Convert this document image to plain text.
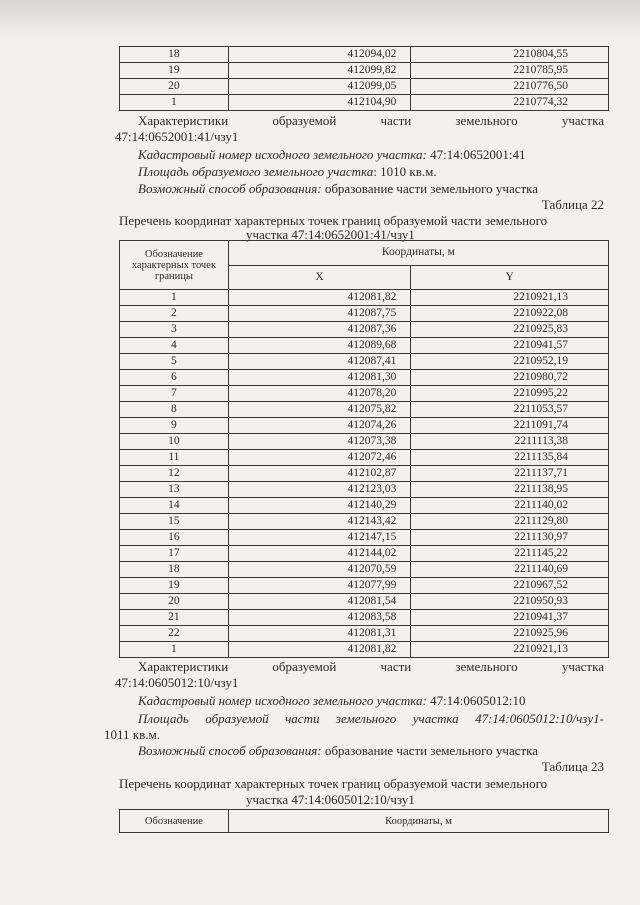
18	412094,02	2210804,55
19	412099,82	2210785,95
20	412099,05	2210776,50
1	412104,90	2210774,32
Характеристики	образуемой	части	земельного	участка
47:14:0652001:41/чзу1
Кадастровый номер исходного земельного участка: 47:14:0652001:41
Площадь образуемого земельного участка: 1010 кв.м.
Возможный способ образования: образование части земельного участка
Таблица 22
Перечень координат характерных точек границ образуемой части земельного
участка 47:14:0652001:41/чзу1
Обозначение характерных точек границы	Координаты, м	
	X	Y
1	412081,82	2210921,13
2	412087,75	2210922,08
3	412087,36	2210925,83
4	412089,68	2210941,57
5	412087,41	2210952,19
6	412081,30	2210980,72
7	412078,20	2210995,22
8	412075,82	2211053,57
9	412074,26	2211091,74
10	412073,38	2211113,38
11	412072,46	2211135,84
12	412102,87	2211137,71
13	412123,03	2211138,95
14	412140,29	2211140,02
15	412143,42	2211129,80
16	412147,15	2211130,97
17	412144,02	2211145,22
18	412070,59	2211140,69
19	412077,99	2210967,52
20	412081,54	2210950,93
21	412083,58	2210941,37
22	412081,31	2210925,96
1	412081,82	2210921,13
Характеристики	образуемой	части	земельного	участка
47:14:0605012:10/чзу1
Кадастровый номер исходного земельного участка: 47:14:0605012:10
Площадь образуемой части земельного участка 47:14:0605012:10/чзу1-
1011 кв.м.
Возможный способ образования: образование части земельного участка
Таблица 23
Перечень координат характерных точек границ образуемой части земельного
участка 47:14:0605012:10/чзу1
Обозначение	Координаты, м
